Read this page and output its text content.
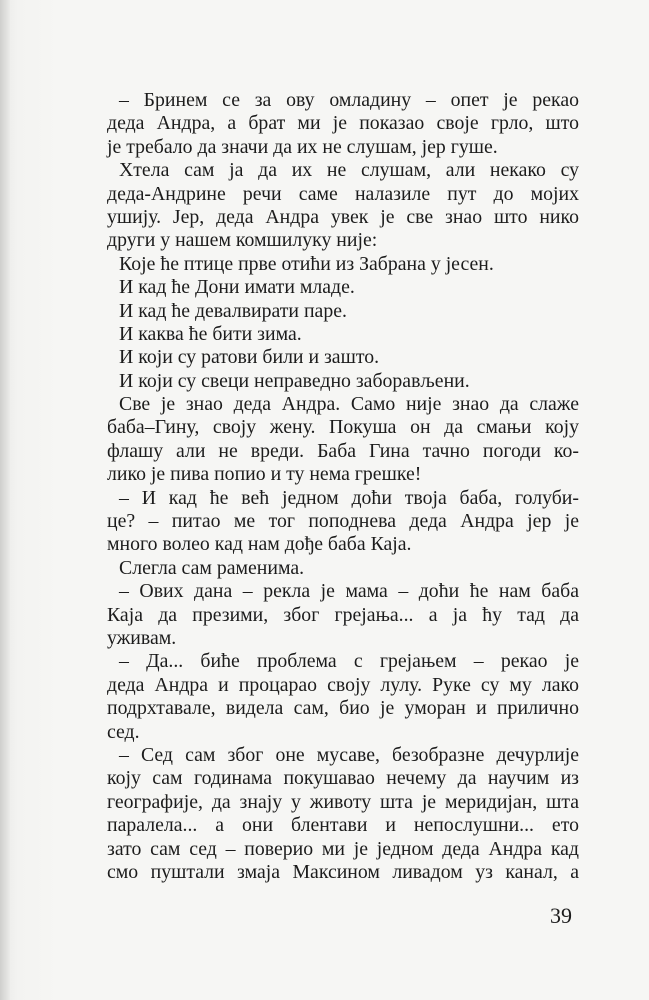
– Бринем се за ову омладину – опет је рекао
деда Андра, а брат ми је показао своје грло, што
је требало да значи да их не слушам, јер гуше.
Хтела сам ја да их не слушам, али некако су
деда-Андрине речи саме налазиле пут до мојих
ушију. Јер, деда Андра увек је све знао што нико
други у нашем комшилуку није:
Које ће птице прве отићи из Забрана у јесен.
И кад ће Дони имати младе.
И кад ће девалвирати паре.
И каква ће бити зима.
И који су ратови били и зашто.
И који су свеци неправедно заборављени.
Све је знао деда Андра. Само није знао да слаже
баба–Гину, своју жену. Покуша он да смањи коју
флашу али не вреди. Баба Гина тачно погоди ко-
лико је пива попио и ту нема грешке!
– И кад ће већ једном доћи твоја баба, голуби-
це? – питао ме тог поподнева деда Андра јер је
много волео кад нам дође баба Каја.
Слегла сам раменима.
– Ових дана – рекла је мама – доћи ће нам баба
Каја да презими, због грејања... а ја ћу тад да
уживам.
– Да... биће проблема с грејањем – рекао је
деда Андра и процарао своју лулу. Руке су му лако
подрхтавале, видела сам, био је уморан и прилично
сед.
– Сед сам због оне мусаве, безобразне дечурлије
коју сам годинама покушавао нечему да научим из
географије, да знају у животу шта је меридијан, шта
паралела... а они блентави и непослушни... ето
зато сам сед – поверио ми је једном деда Андра кад
смо пуштали змаја Максином ливадом уз канал, а
39
